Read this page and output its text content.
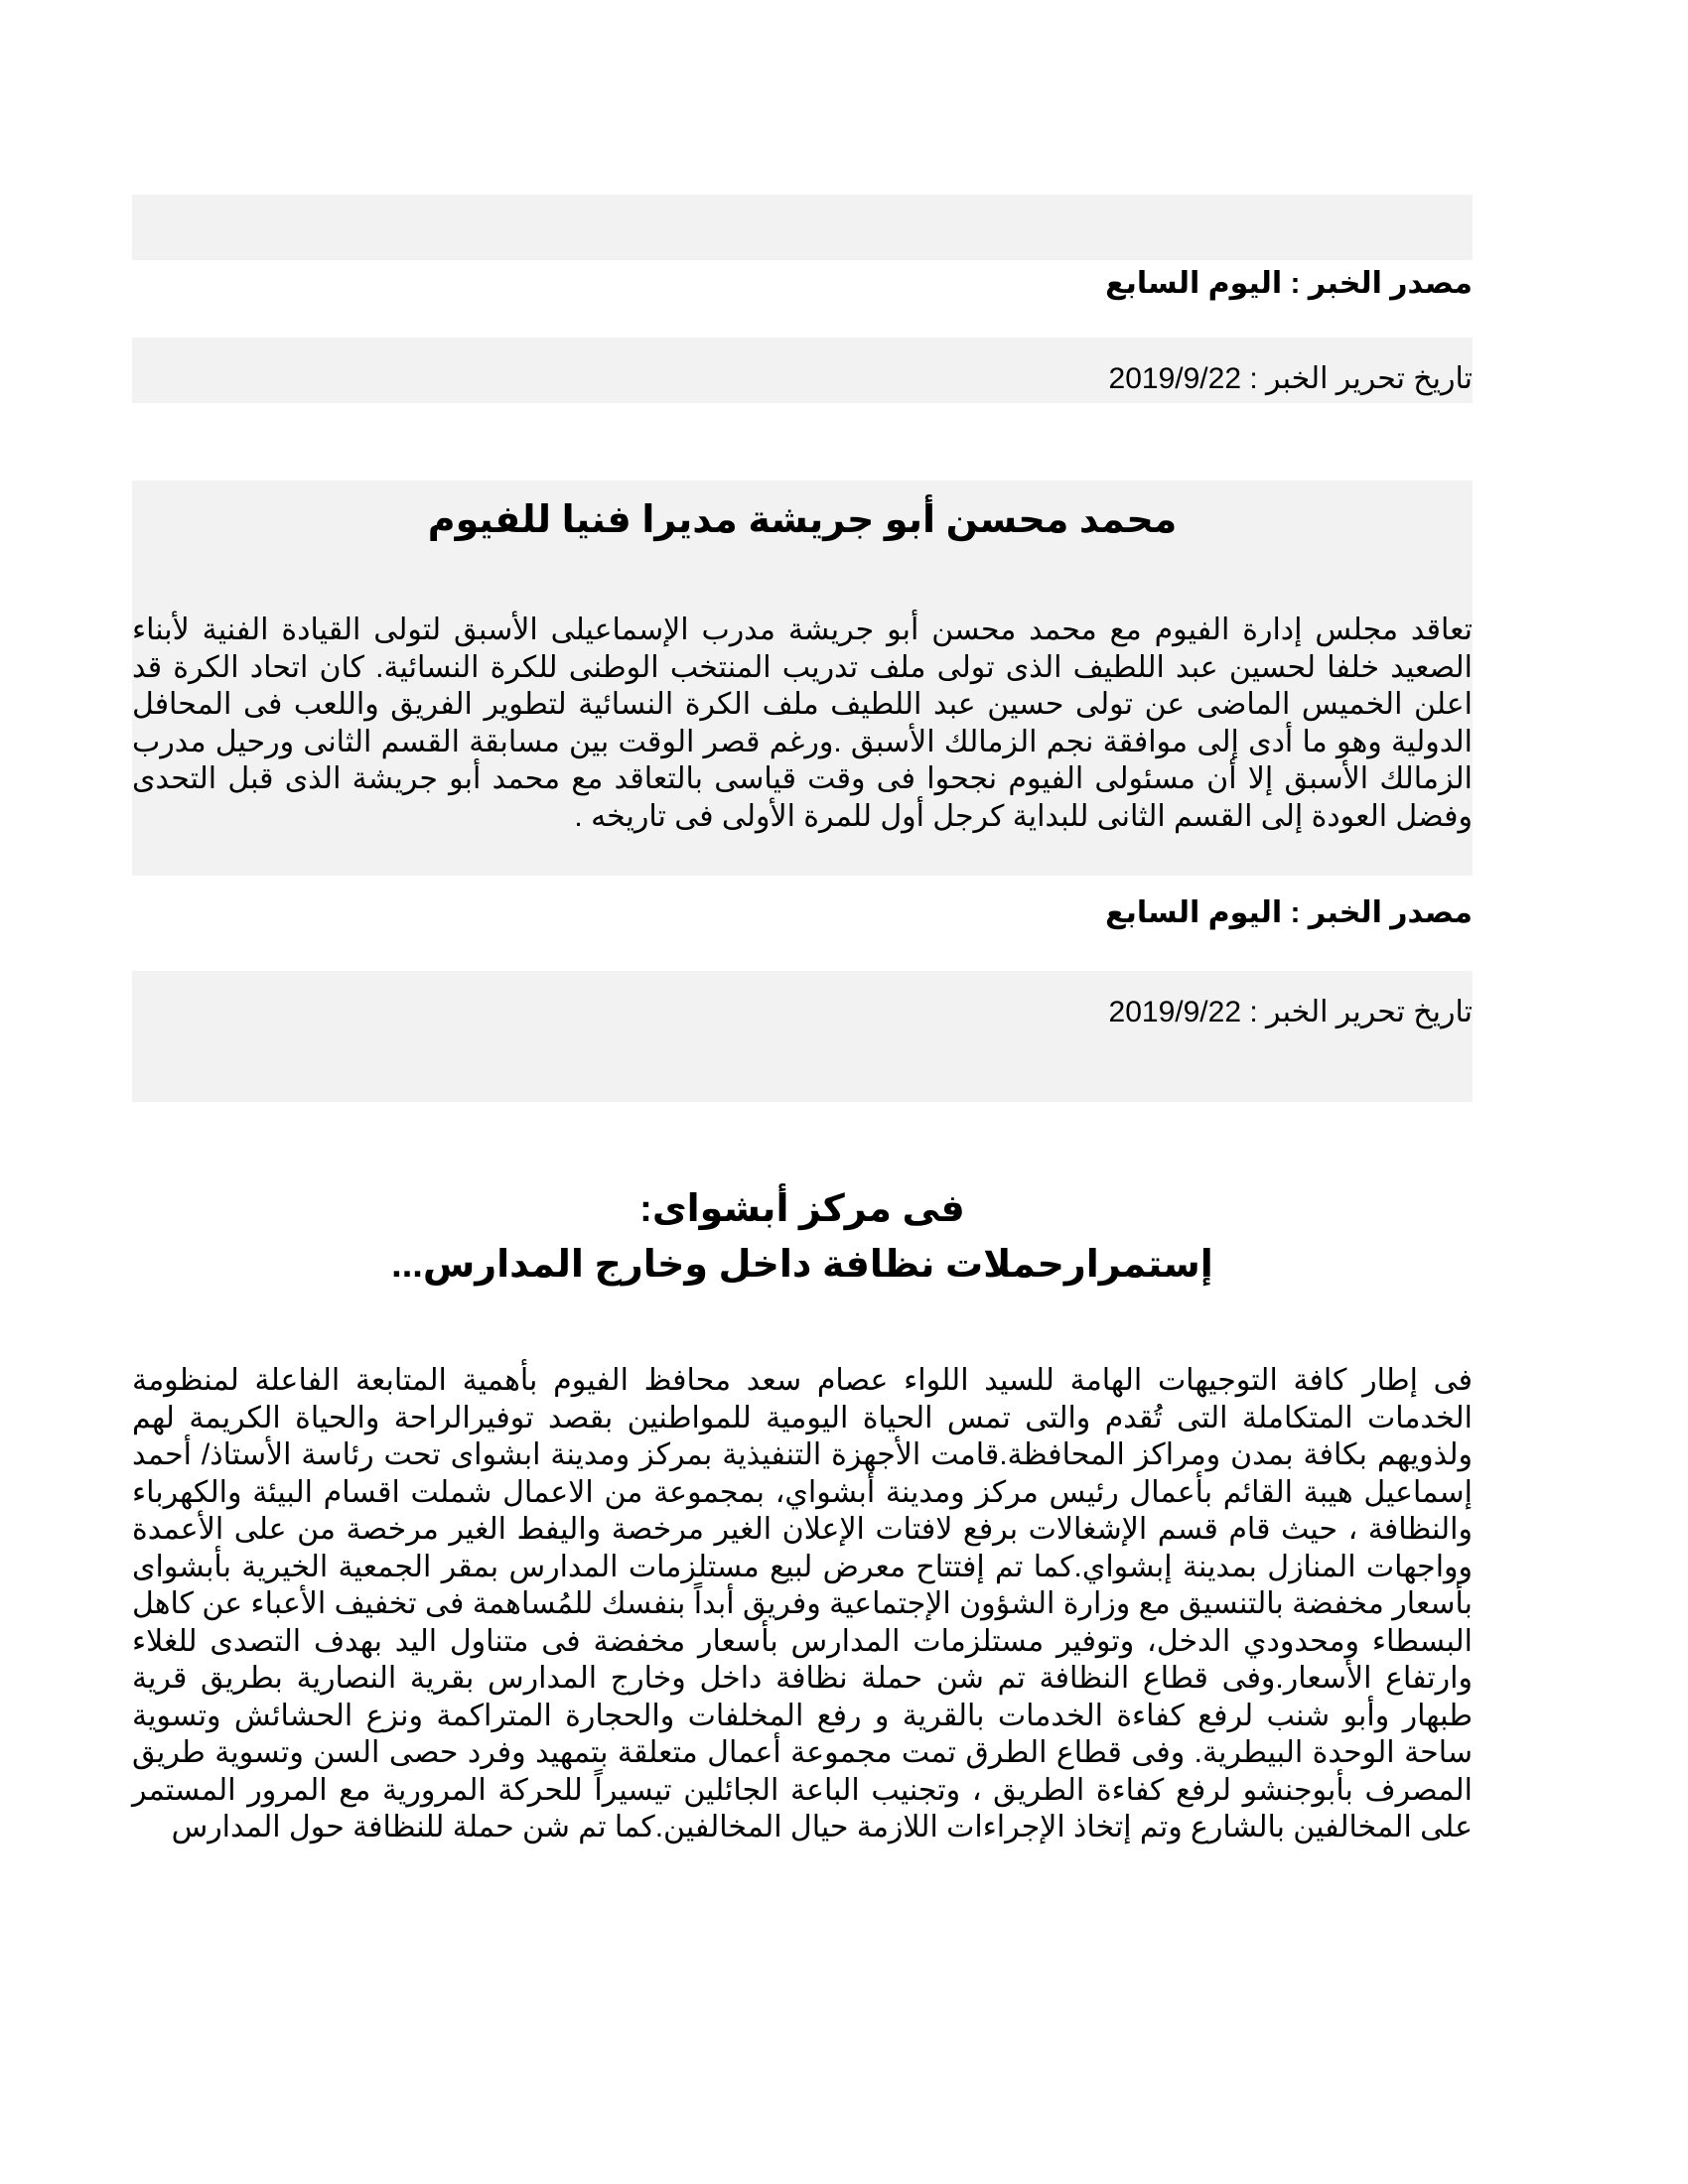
مصدر الخبر : اليوم السابع
تاريخ تحرير الخبر : 2019/9/22
محمد محسن أبو جريشة مديرا فنيا للفيوم
تعاقد مجلس إدارة الفيوم مع محمد محسن أبو جريشة مدرب الإسماعيلى الأسبق لتولى القيادة الفنية لأبناء الصعيد خلفا لحسين عبد اللطيف الذى تولى ملف تدريب المنتخب الوطنى للكرة النسائية. كان اتحاد الكرة قد اعلن الخميس الماضى عن تولى حسين عبد اللطيف ملف الكرة النسائية لتطوير الفريق واللعب فى المحافل الدولية وهو ما أدى إلى موافقة نجم الزمالك الأسبق .ورغم قصر الوقت بين مسابقة القسم الثانى ورحيل مدرب الزمالك الأسبق إلا أن مسئولى الفيوم نجحوا فى وقت قياسى بالتعاقد مع محمد أبو جريشة الذى قبل التحدى وفضل العودة إلى القسم الثانى للبداية كرجل أول للمرة الأولى فى تاريخه .
مصدر الخبر : اليوم السابع
تاريخ تحرير الخبر : 2019/9/22
فى مركز أبشواى:
إستمرارحملات نظافة داخل وخارج المدارس...
فى إطار كافة التوجيهات الهامة للسيد اللواء عصام سعد محافظ الفيوم بأهمية المتابعة الفاعلة لمنظومة الخدمات المتكاملة التى تُقدم والتى تمس الحياة اليومية للمواطنين بقصد توفيرالراحة والحياة الكريمة لهم ولذويهم بكافة بمدن ومراكز المحافظة.قامت الأجهزة التنفيذية بمركز ومدينة ابشواى تحت رئاسة الأستاذ/ أحمد إسماعيل هيبة القائم بأعمال رئيس مركز ومدينة أبشواي، بمجموعة من الاعمال شملت اقسام البيئة والكهرباء والنظافة ، حيث قام قسم الإشغالات برفع لافتات الإعلان الغير مرخصة واليفط الغير مرخصة من على الأعمدة وواجهات المنازل بمدينة إبشواي.كما تم إفتتاح معرض لبيع مستلزمات المدارس بمقر الجمعية الخيرية بأبشواى بأسعار مخفضة بالتنسيق مع وزارة الشؤون الإجتماعية وفريق أبداً بنفسك للمُساهمة فى تخفيف الأعباء عن كاهل البسطاء ومحدودي الدخل، وتوفير مستلزمات المدارس بأسعار مخفضة فى متناول اليد بهدف التصدى للغلاء وارتفاع الأسعار.وفى قطاع النظافة تم شن حملة نظافة داخل وخارج المدارس بقرية النصارية بطريق قرية طبهار وأبو شنب لرفع كفاءة الخدمات بالقرية و رفع المخلفات والحجارة المتراكمة ونزع الحشائش وتسوية ساحة الوحدة البيطرية. وفى قطاع الطرق تمت مجموعة أعمال متعلقة بتمهيد وفرد حصى السن وتسوية طريق المصرف بأبوجنشو لرفع كفاءة الطريق ، وتجنيب الباعة الجائلين تيسيراً للحركة المرورية مع المرور المستمر على المخالفين بالشارع وتم إتخاذ الإجراءات اللازمة حيال المخالفين.كما تم شن حملة للنظافة حول المدارس
